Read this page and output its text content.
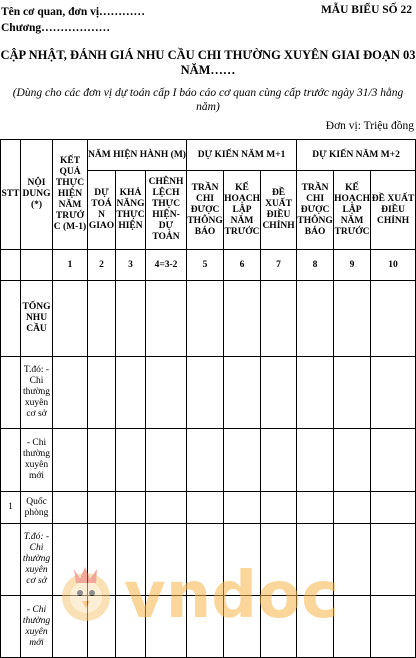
Tên cơ quan, đơn vị…………
Chương………………
MẪU BIỂU SỐ 22
CẬP NHẬT, ĐÁNH GIÁ NHU CẦU CHI THƯỜNG XUYÊN GIAI ĐOẠN 03
NĂM……
(Dùng cho các đơn vị dự toán cấp I báo cáo cơ quan cùng cấp trước ngày 31/3 hằng
năm)
Đơn vị: Triệu đồng
STT	NỘI DUNG (*)	KẾT QUẢ THỰC HIỆN NĂM TRƯỚC (M-1)	NĂM HIỆN HÀNH (M)			DỰ KIẾN NĂM M+1			DỰ KIẾN NĂM M+2		
			DỰ TOÁN GIAO	KHẢ NĂNG THỰC HIỆN	CHÊNH LỆCH THỰC HIỆN-DỰ TOÁN	TRẦN CHI ĐƯỢC THÔNG BÁO	KẾ HOẠCH LẬP NĂM TRƯỚC	ĐỀ XUẤT ĐIỀU CHỈNH	TRẦN CHI ĐƯỢC THÔNG BÁO	KẾ HOẠCH LẬP NĂM TRƯỚC	ĐỀ XUẤT ĐIỀU CHỈNH
		1	2	3	4=3-2	5	6	7	8	9	10
	TỔNG NHU CẦU										
	T.đó: - Chi thường xuyên cơ sở										
	- Chi thường xuyên mới										
1	Quốc phòng										
	T.đó: - Chi thường xuyên cơ sở										
	- Chi thường xuyên mới										
vndoc
